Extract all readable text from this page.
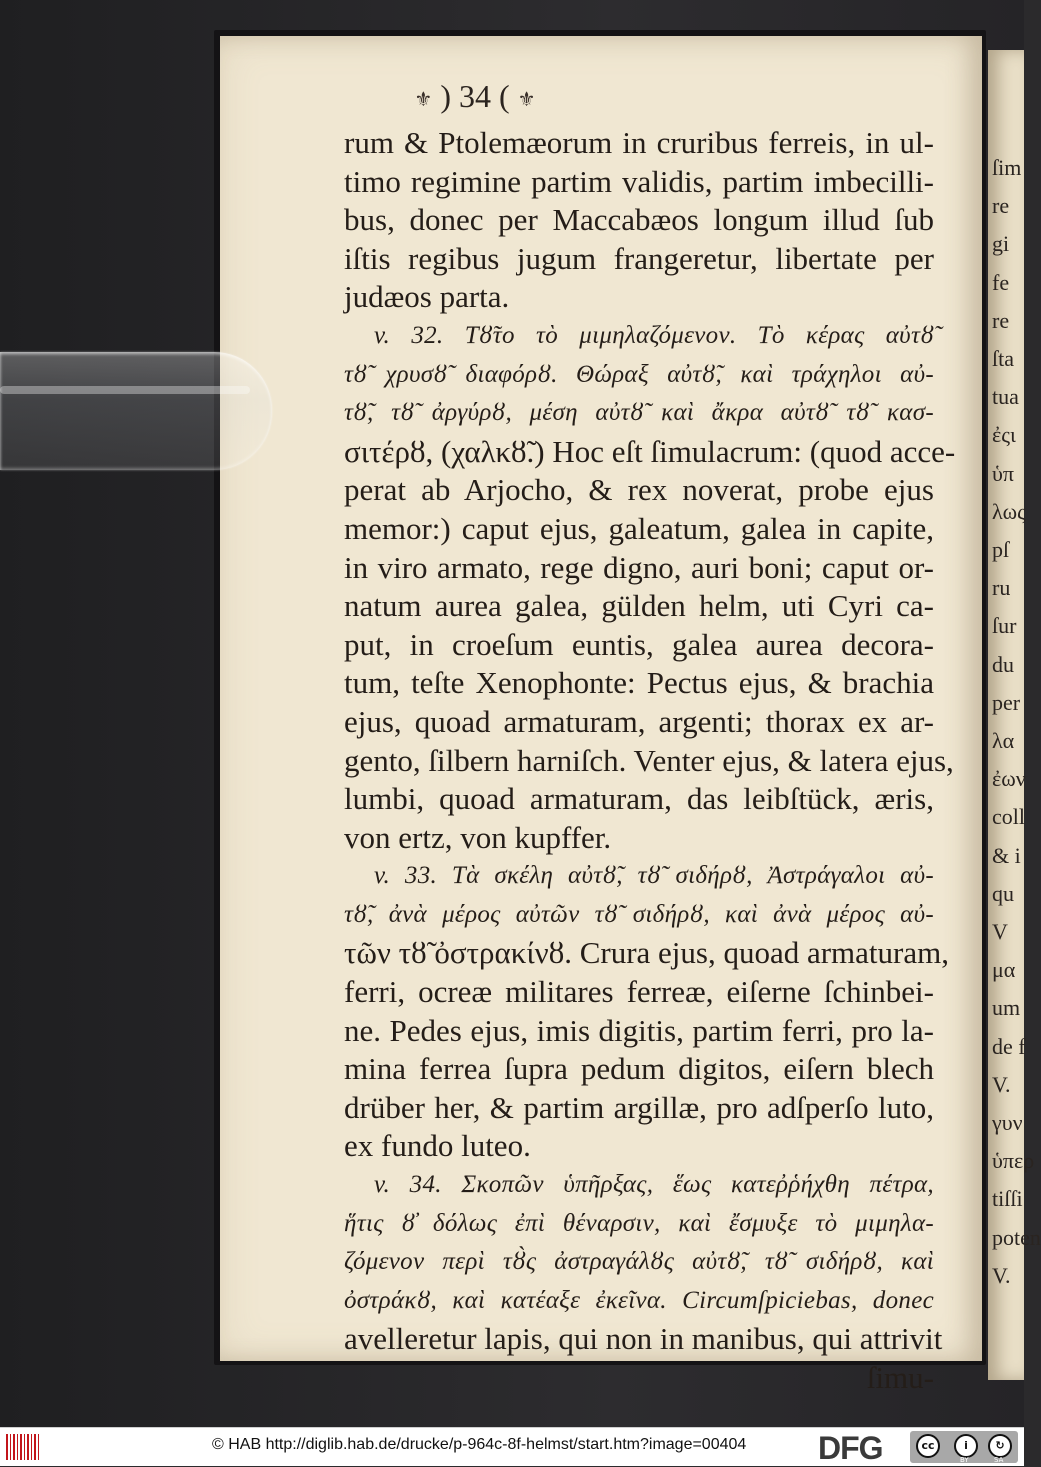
ſim
re
gi
fe
re
ſta
tua
ἐςι
ὑπ
λως
pſ
ru
ſur
du
per
λα
ἐων
coll
& i
qu
V
μα
um
de f
V.
γυν
ὑπερ
tiſſi
poten
V.
⚜ ) 34 ( ⚜
rum & Ptolemæorum in cruribus ferreis, in ul-
timo regimine partim validis, partim imbecilli-
bus, donec per Maccabæos longum illud ſub
iſtis regibus jugum frangeretur, libertate per
judæos parta.
v. 32. Τȣ̃το τὸ μιμηλαζόμενον. Τὸ κέρας αὐτȣ̃
τȣ̃ χρυσȣ̃ διαφόρȣ. Θώραξ αὐτȣ̃, καὶ τράχηλοι αὐ-
τȣ̃, τȣ̃ ἀργύρȣ, μέση αὐτȣ̃ καὶ ἄκρα αὐτȣ̃ τȣ̃ κασ-
σιτέρȣ, (χαλκȣ̃.) Hoc eſt ſimulacrum: (quod acce-
perat ab Arjocho, & rex noverat, probe ejus
memor:) caput ejus, galeatum, galea in capite,
in viro armato, rege digno, auri boni; caput or-
natum aurea galea, gülden helm, uti Cyri ca-
put, in croeſum euntis, galea aurea decora-
tum, teſte Xenophonte: Pectus ejus, & brachia
ejus, quoad armaturam, argenti; thorax ex ar-
gento, ſilbern harniſch. Venter ejus, & latera ejus,
lumbi, quoad armaturam, das leibſtück, æris,
von ertz, von kupffer.
v. 33. Τὰ σκέλη αὐτȣ̃, τȣ̃ σιδήρȣ, Ἀστράγαλοι αὐ-
τȣ̃, ἀνὰ μέρος αὐτῶν τȣ̃ σιδήρȣ, καὶ ἀνὰ μέρος αὐ-
τῶν τȣ̃ ὀστρακίνȣ. Crura ejus, quoad armaturam,
ferri, ocreæ militares ferreæ, eiſerne ſchinbei-
ne. Pedes ejus, imis digitis, partim ferri, pro la-
mina ferrea ſupra pedum digitos, eiſern blech
drüber her, & partim argillæ, pro adſperſo luto,
ex fundo luteo.
v. 34. Σκοπῶν ὑπῆρξας, ἕως κατεῤῥήχθη πέτρα,
ἥτις ȣ̓ δόλως ἐπὶ θέναρσιν, καὶ ἔσμυξε τὸ μιμηλα-
ζόμενον περὶ τȣ̀ς ἀστραγάλȣς αὐτȣ̃, τȣ̃ σιδήρȣ, καὶ
ὀστράκȣ, καὶ κατέαξε ἐκεῖνα. Circumſpiciebas, donec
avelleretur lapis, qui non in manibus, qui attrivit
ſimu-
© HAB http://diglib.hab.de/drucke/p-964c-8f-helmst/start.htm?image=00404 DFG	cc	i	↻
BY	SA
